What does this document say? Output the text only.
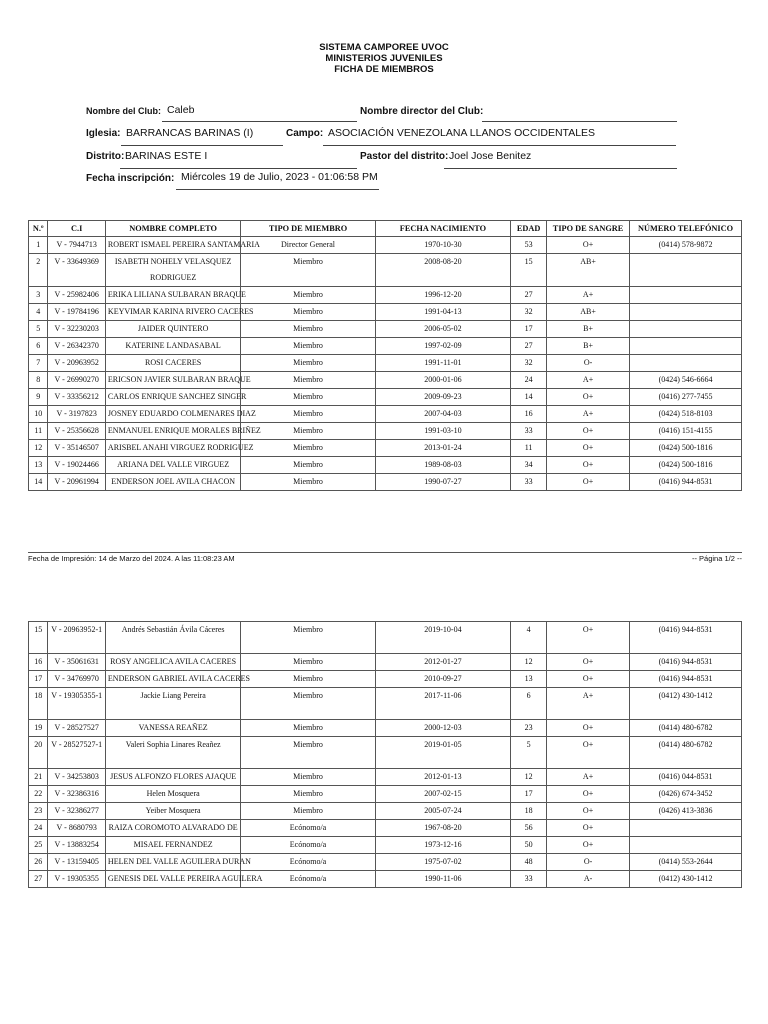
SISTEMA CAMPOREE UVOC
MINISTERIOS JUVENILES
FICHA DE MIEMBROS
Nombre del Club: Caleb	Nombre director del Club:
Iglesia: BARRANCAS BARINAS (I)	Campo: ASOCIACIÓN VENEZOLANA LLANOS OCCIDENTALES
Distrito: BARINAS ESTE I	Pastor del distrito: Joel Jose Benitez
Fecha inscripción: Miércoles 19 de Julio, 2023 - 01:06:58 PM
N.º	C.I	NOMBRE COMPLETO	TIPO DE MIEMBRO	FECHA NACIMIENTO	EDAD	TIPO DE SANGRE	NÚMERO TELEFÓNICO
1	V - 7944713	ROBERT ISMAEL PEREIRA SANTAMARIA	Director General	1970-10-30	53	O+	(0414) 578-9872
2	V - 33649369	ISABETH NOHELY VELASQUEZ RODRIGUEZ	Miembro	2008-08-20	15	AB+	
3	V - 25982406	ERIKA LILIANA SULBARAN BRAQUE	Miembro	1996-12-20	27	A+	
4	V - 19784196	KEYVIMAR KARINA RIVERO CACERES	Miembro	1991-04-13	32	AB+	
5	V - 32230203	JAIDER QUINTERO	Miembro	2006-05-02	17	B+	
6	V - 26342370	KATERINE LANDASABAL	Miembro	1997-02-09	27	B+	
7	V - 20963952	ROSI CACERES	Miembro	1991-11-01	32	O-	
8	V - 26990270	ERICSON JAVIER SULBARAN BRAQUE	Miembro	2000-01-06	24	A+	(0424) 546-6664
9	V - 33356212	CARLOS ENRIQUE SANCHEZ SINGER	Miembro	2009-09-23	14	O+	(0416) 277-7455
10	V - 3197823	JOSNEY EDUARDO COLMENARES DIAZ	Miembro	2007-04-03	16	A+	(0424) 518-8103
11	V - 25356628	ENMANUEL ENRIQUE MORALES BRIÑEZ	Miembro	1991-03-10	33	O+	(0416) 151-4155
12	V - 35146507	ARISBEL ANAHI VIRGUEZ RODRIGUEZ	Miembro	2013-01-24	11	O+	(0424) 500-1816
13	V - 19024466	ARIANA DEL VALLE VIRGUEZ	Miembro	1989-08-03	34	O+	(0424) 500-1816
14	V - 20961994	ENDERSON JOEL AVILA CHACON	Miembro	1990-07-27	33	O+	(0416) 944-8531
Fecha de Impresión: 14 de Marzo del 2024. A las 11:08:23 AM	-- Página 1/2 --
15	V - 20963952-1	Andrés Sebastián Ávila Cáceres	Miembro	2019-10-04	4	O+	(0416) 944-8531
16	V - 35061631	ROSY ANGELICA AVILA CACERES	Miembro	2012-01-27	12	O+	(0416) 944-8531
17	V - 34769970	ENDERSON GABRIEL AVILA CACERES	Miembro	2010-09-27	13	O+	(0416) 944-8531
18	V - 19305355-1	Jackie Liang Pereira	Miembro	2017-11-06	6	A+	(0412) 430-1412
19	V - 28527527	VANESSA REAÑEZ	Miembro	2000-12-03	23	O+	(0414) 480-6782
20	V - 28527527-1	Valeri Sophia Linares Reañez	Miembro	2019-01-05	5	O+	(0414) 480-6782
21	V - 34253803	JESUS ALFONZO FLORES AJAQUE	Miembro	2012-01-13	12	A+	(0416) 044-8531
22	V - 32386316	Helen Mosquera	Miembro	2007-02-15	17	O+	(0426) 674-3452
23	V - 32386277	Yeiber Mosquera	Miembro	2005-07-24	18	O+	(0426) 413-3836
24	V - 8680793	RAIZA COROMOTO ALVARADO DE	Ecónomo/a	1967-08-20	56	O+	
25	V - 13883254	MISAEL FERNANDEZ	Ecónomo/a	1973-12-16	50	O+	
26	V - 13159405	HELEN DEL VALLE AGUILERA DURAN	Ecónomo/a	1975-07-02	48	O-	(0414) 553-2644
27	V - 19305355	GENESIS DEL VALLE PEREIRA AGUILERA	Ecónomo/a	1990-11-06	33	A-	(0412) 430-1412
